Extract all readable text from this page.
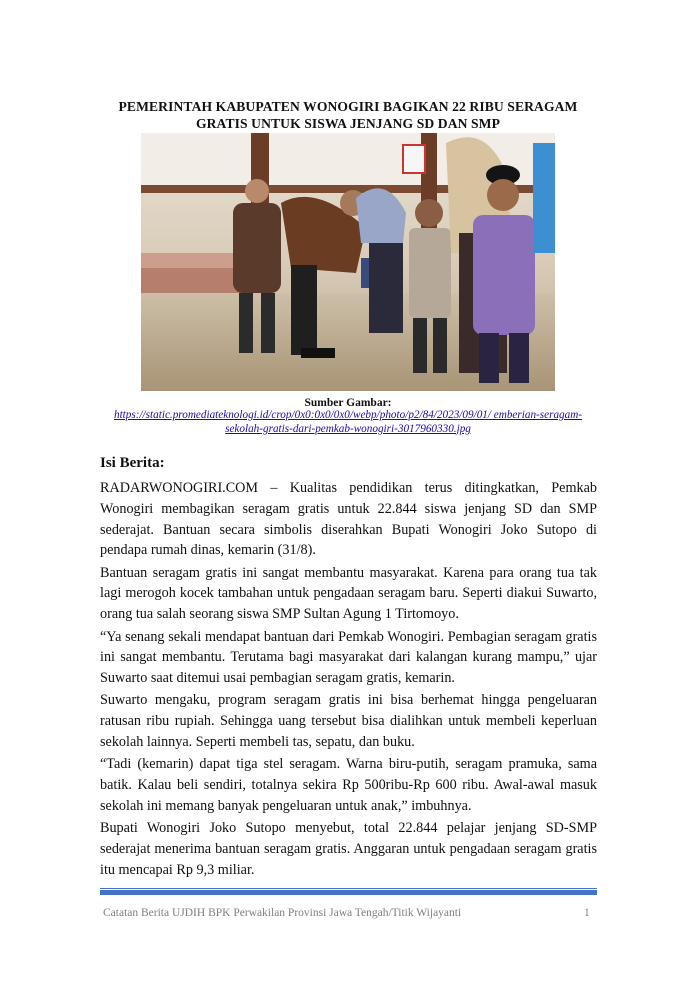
PEMERINTAH KABUPATEN WONOGIRI BAGIKAN 22 RIBU SERAGAM
GRATIS UNTUK SISWA JENJANG SD DAN SMP
Sumber Gambar:
https://static.promediateknologi.id/crop/0x0:0x0/0x0/webp/photo/p2/84/2023/09/01/ emberian-seragam-
sekolah-gratis-dari-pemkab-wonogiri-3017960330.jpg
Isi Berita:

RADARWONOGIRI.COM – Kualitas pendidikan terus ditingkatkan, Pemkab Wonogiri membagikan seragam gratis untuk 22.844 siswa jenjang SD dan SMP sederajat. Bantuan secara simbolis diserahkan Bupati Wonogiri Joko Sutopo di pendapa rumah dinas, kemarin (31/8).

Bantuan seragam gratis ini sangat membantu masyarakat. Karena para orang tua tak lagi merogoh kocek tambahan untuk pengadaan seragam baru. Seperti diakui Suwarto, orang tua salah seorang siswa SMP Sultan Agung 1 Tirtomoyo.

“Ya senang sekali mendapat bantuan dari Pemkab Wonogiri. Pembagian seragam gratis ini sangat membantu. Terutama bagi masyarakat dari kalangan kurang mampu,” ujar Suwarto saat ditemui usai pembagian seragam gratis, kemarin.

Suwarto mengaku, program seragam gratis ini bisa berhemat hingga pengeluaran ratusan ribu rupiah. Sehingga uang tersebut bisa dialihkan untuk membeli keperluan sekolah lainnya. Seperti membeli tas, sepatu, dan buku.

“Tadi (kemarin) dapat tiga stel seragam. Warna biru-putih, seragam pramuka, sama batik. Kalau beli sendiri, totalnya sekira Rp 500ribu-Rp 600 ribu. Awal-awal masuk sekolah ini memang banyak pengeluaran untuk anak,” imbuhnya.

Bupati Wonogiri Joko Sutopo menyebut, total 22.844 pelajar jenjang SD-SMP sederajat menerima bantuan seragam gratis. Anggaran untuk pengadaan seragam gratis itu mencapai Rp 9,3 miliar.

Catatan Berita UJDIH BPK Perwakilan Provinsi Jawa Tengah/Titik Wijayanti	1
